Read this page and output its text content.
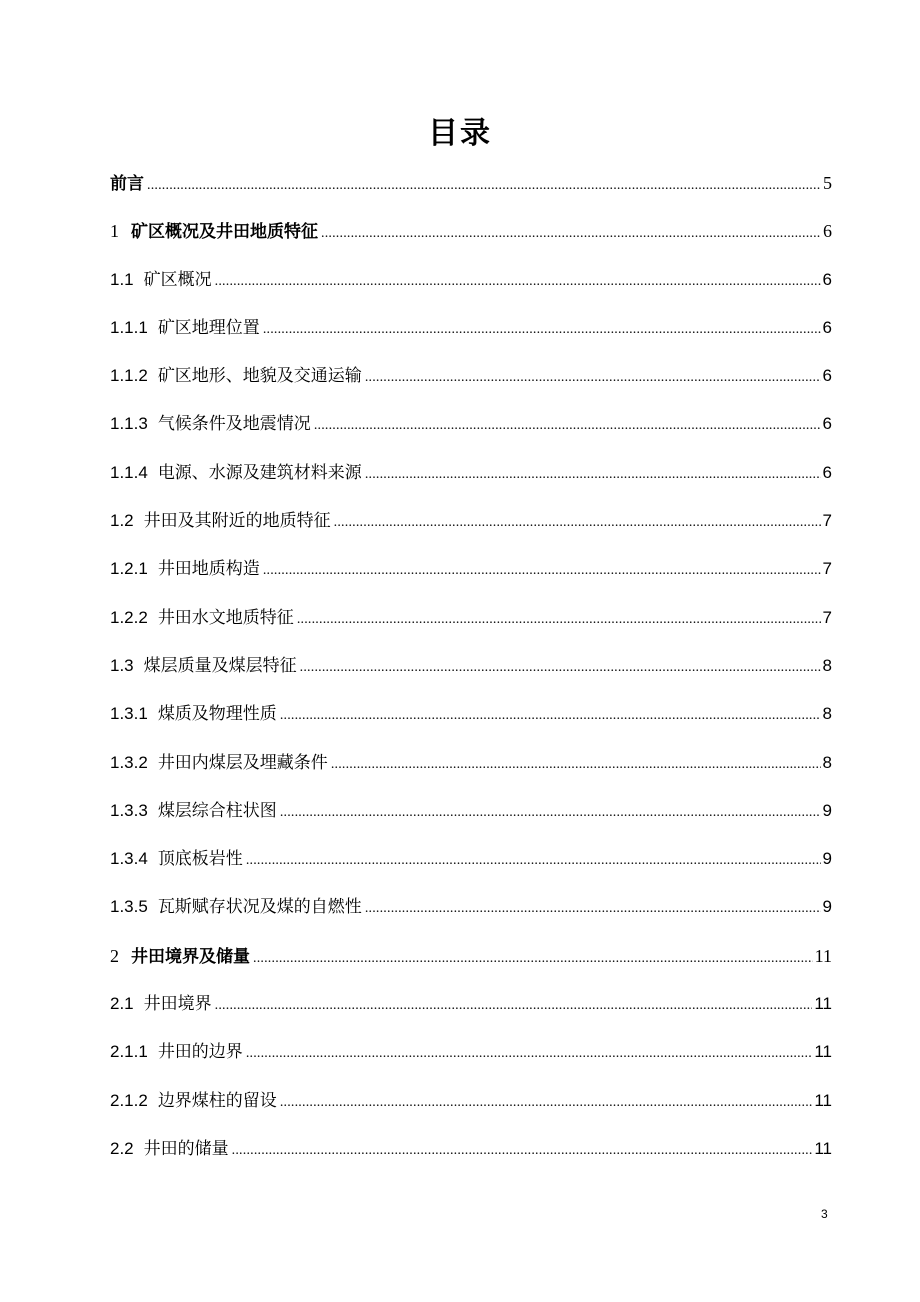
目录
前言 .....	5
1 矿区概况及井田地质特征 .....	6
1.1 矿区概况 .....	6
1.1.1 矿区地理位置 .....	6
1.1.2 矿区地形、地貌及交通运输 .....	6
1.1.3 气候条件及地震情况 .....	6
1.1.4 电源、水源及建筑材料来源 .....	6
1.2 井田及其附近的地质特征 .....	7
1.2.1 井田地质构造 .....	7
1.2.2 井田水文地质特征 .....	7
1.3 煤层质量及煤层特征 .....	8
1.3.1 煤质及物理性质 .....	8
1.3.2 井田内煤层及埋藏条件 .....	8
1.3.3 煤层综合柱状图 .....	9
1.3.4 顶底板岩性 .....	9
1.3.5 瓦斯赋存状况及煤的自燃性 .....	9
2 井田境界及储量 .....	11
2.1 井田境界 .....	11
2.1.1 井田的边界 .....	11
2.1.2 边界煤柱的留设 .....	11
2.2 井田的储量 .....	11
3
